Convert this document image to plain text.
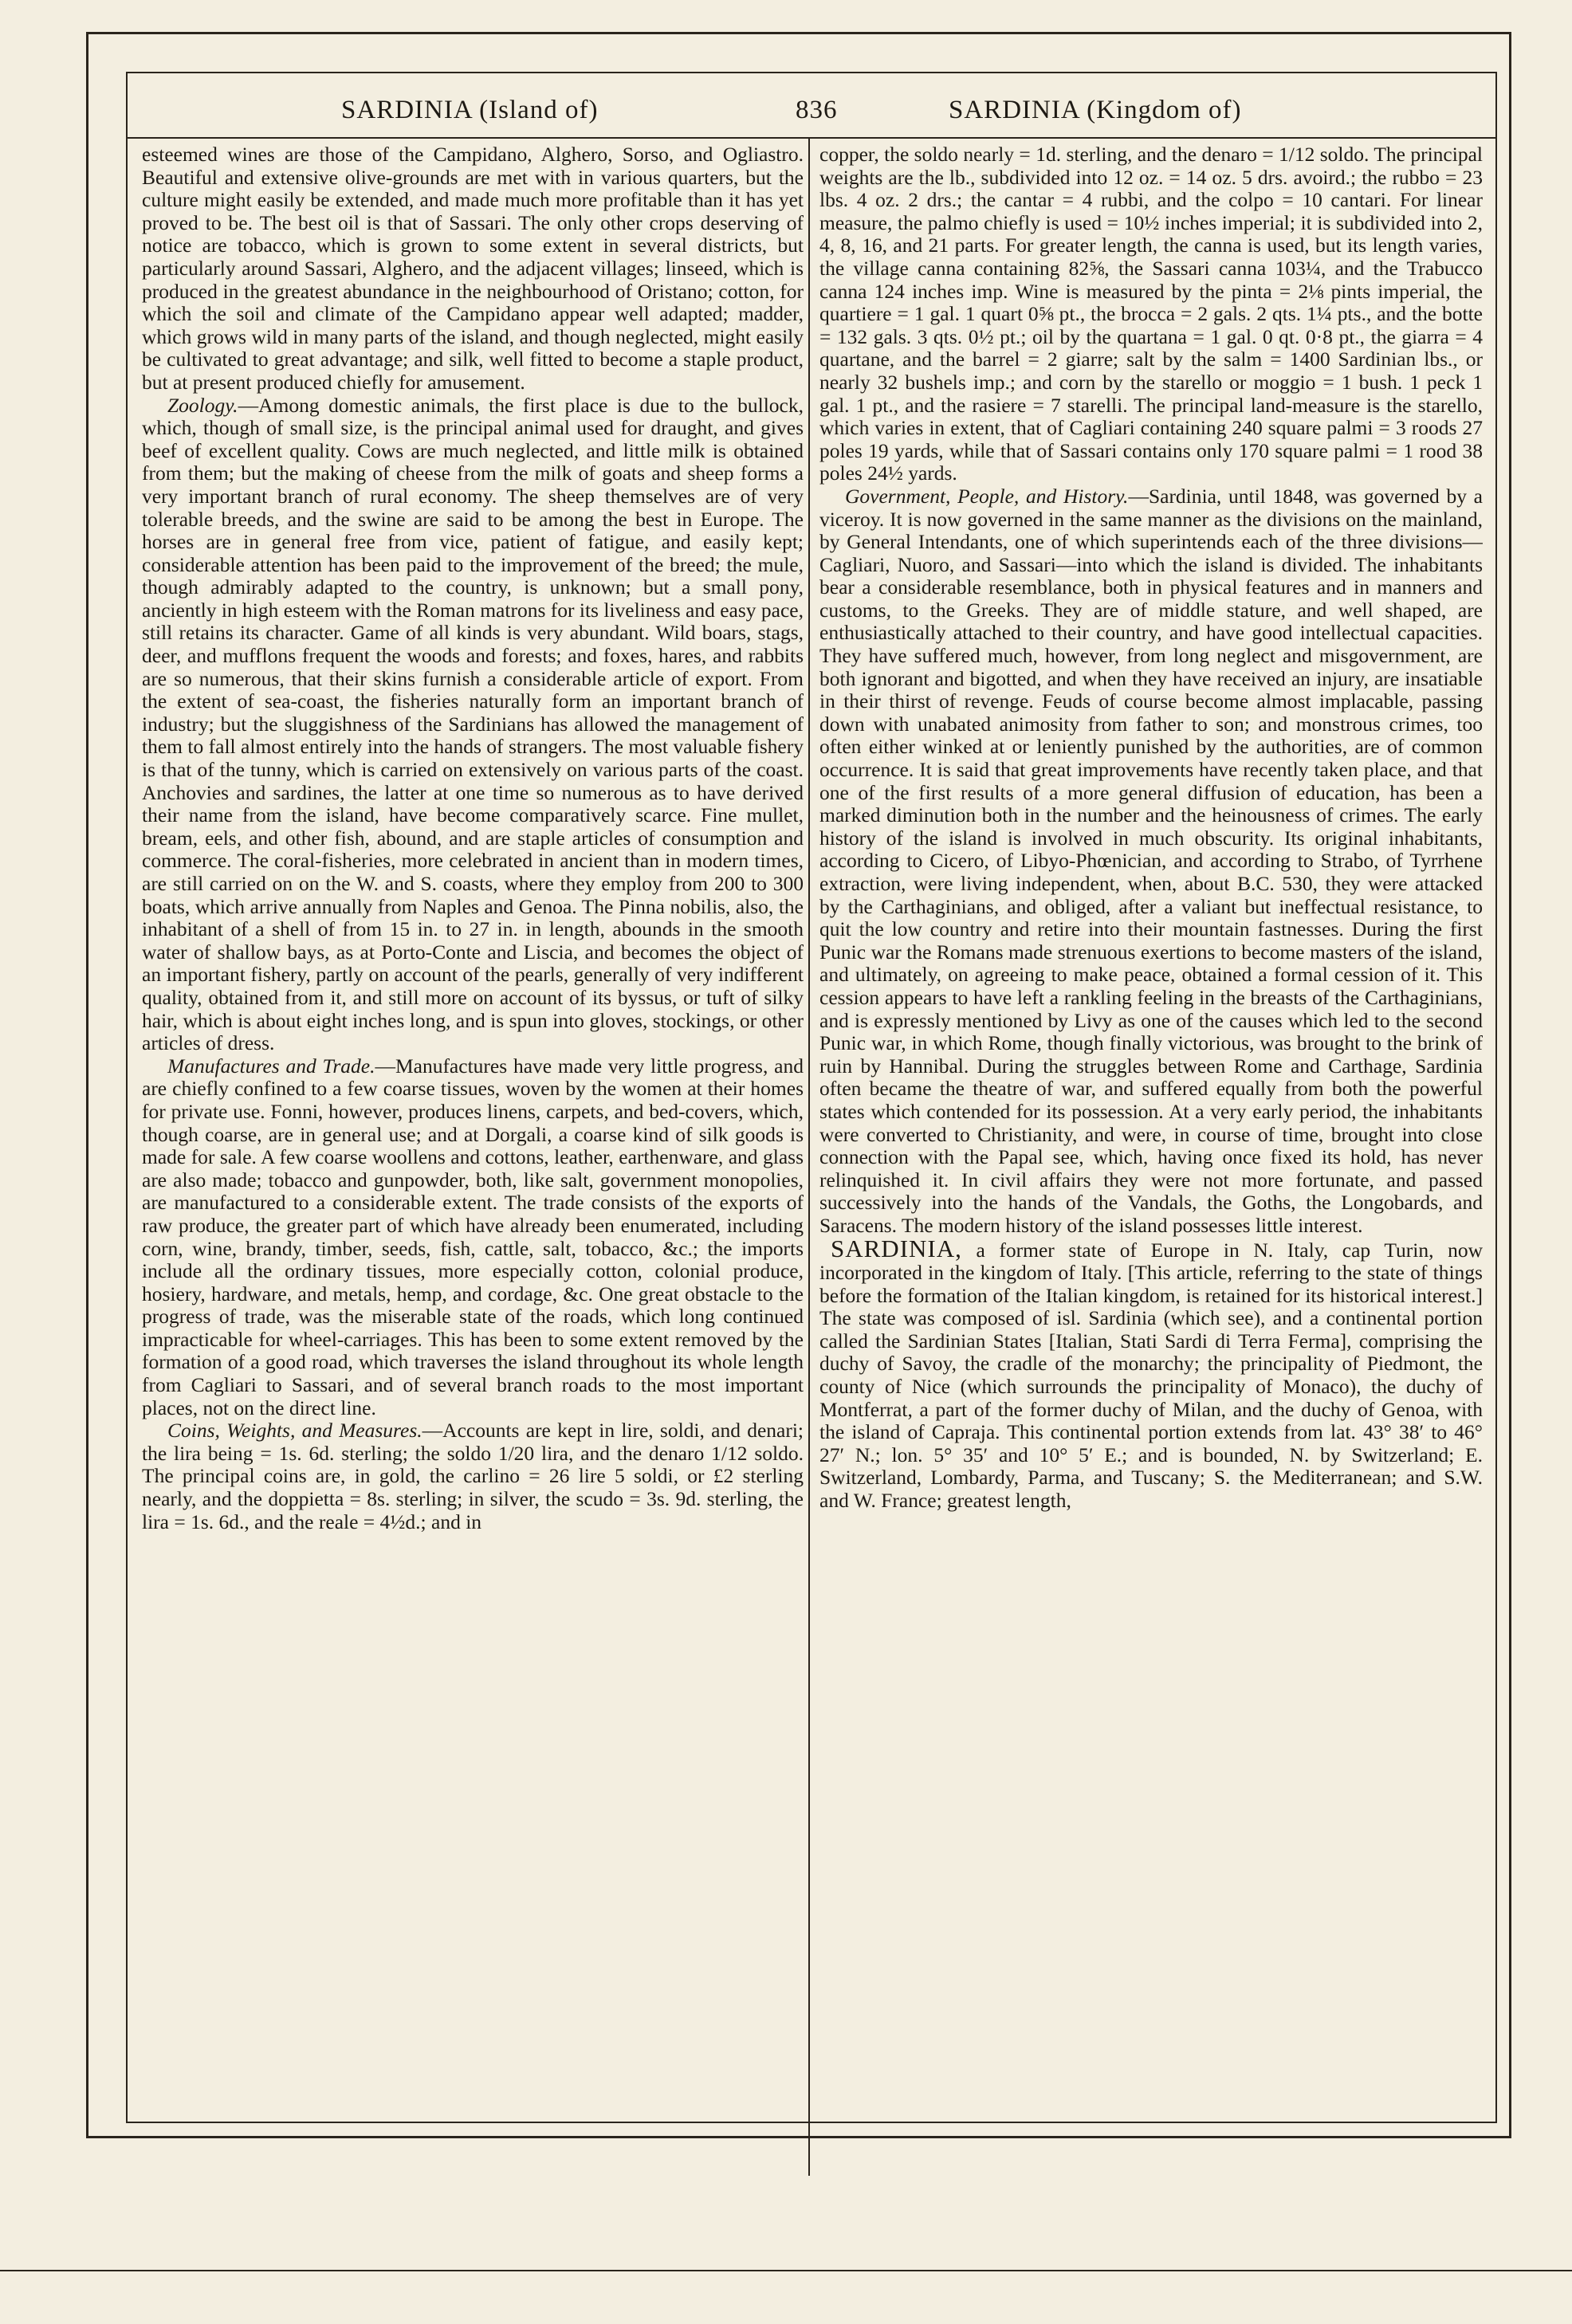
SARDINIA (Island of)	836	SARDINIA (Kingdom of)

esteemed wines are those of the Campidano, Alghero, Sorso, and Ogliastro. Beautiful and extensive olive-grounds are met with in various quarters, but the culture might easily be extended, and made much more profitable than it has yet proved to be. The best oil is that of Sassari. The only other crops deserving of notice are tobacco, which is grown to some extent in several districts, but particularly around Sassari, Alghero, and the adjacent villages; linseed, which is produced in the greatest abundance in the neighbourhood of Oristano; cotton, for which the soil and climate of the Campidano appear well adapted; madder, which grows wild in many parts of the island, and though neglected, might easily be cultivated to great advantage; and silk, well fitted to become a staple product, but at present produced chiefly for amusement.

Zoology.—Among domestic animals, the first place is due to the bullock, which, though of small size, is the principal animal used for draught, and gives beef of excellent quality. Cows are much neglected, and little milk is obtained from them; but the making of cheese from the milk of goats and sheep forms a very important branch of rural economy. The sheep themselves are of very tolerable breeds, and the swine are said to be among the best in Europe. The horses are in general free from vice, patient of fatigue, and easily kept; considerable attention has been paid to the improvement of the breed; the mule, though admirably adapted to the country, is unknown; but a small pony, anciently in high esteem with the Roman matrons for its liveliness and easy pace, still retains its character. Game of all kinds is very abundant. Wild boars, stags, deer, and mufflons frequent the woods and forests; and foxes, hares, and rabbits are so numerous, that their skins furnish a considerable article of export. From the extent of sea-coast, the fisheries naturally form an important branch of industry; but the sluggishness of the Sardinians has allowed the management of them to fall almost entirely into the hands of strangers. The most valuable fishery is that of the tunny, which is carried on extensively on various parts of the coast. Anchovies and sardines, the latter at one time so numerous as to have derived their name from the island, have become comparatively scarce. Fine mullet, bream, eels, and other fish, abound, and are staple articles of consumption and commerce. The coral-fisheries, more celebrated in ancient than in modern times, are still carried on on the W. and S. coasts, where they employ from 200 to 300 boats, which arrive annually from Naples and Genoa. The Pinna nobilis, also, the inhabitant of a shell of from 15 in. to 27 in. in length, abounds in the smooth water of shallow bays, as at Porto-Conte and Liscia, and becomes the object of an important fishery, partly on account of the pearls, generally of very indifferent quality, obtained from it, and still more on account of its byssus, or tuft of silky hair, which is about eight inches long, and is spun into gloves, stockings, or other articles of dress.

Manufactures and Trade.—Manufactures have made very little progress, and are chiefly confined to a few coarse tissues, woven by the women at their homes for private use. Fonni, however, produces linens, carpets, and bed-covers, which, though coarse, are in general use; and at Dorgali, a coarse kind of silk goods is made for sale. A few coarse woollens and cottons, leather, earthenware, and glass are also made; tobacco and gunpowder, both, like salt, government monopolies, are manufactured to a considerable extent. The trade consists of the exports of raw produce, the greater part of which have already been enumerated, including corn, wine, brandy, timber, seeds, fish, cattle, salt, tobacco, &c.; the imports include all the ordinary tissues, more especially cotton, colonial produce, hosiery, hardware, and metals, hemp, and cordage, &c. One great obstacle to the progress of trade, was the miserable state of the roads, which long continued impracticable for wheel-carriages. This has been to some extent removed by the formation of a good road, which traverses the island throughout its whole length from Cagliari to Sassari, and of several branch roads to the most important places, not on the direct line.

Coins, Weights, and Measures.—Accounts are kept in lire, soldi, and denari; the lira being = 1s. 6d. sterling; the soldo 1/20 lira, and the denaro 1/12 soldo. The principal coins are, in gold, the carlino = 26 lire 5 soldi, or £2 sterling nearly, and the doppietta = 8s. sterling; in silver, the scudo = 3s. 9d. sterling, the lira = 1s. 6d., and the reale = 4½d.; and in

copper, the soldo nearly = 1d. sterling, and the denaro = 1/12 soldo. The principal weights are the lb., subdivided into 12 oz. = 14 oz. 5 drs. avoird.; the rubbo = 23 lbs. 4 oz. 2 drs.; the cantar = 4 rubbi, and the colpo = 10 cantari. For linear measure, the palmo chiefly is used = 10½ inches imperial; it is subdivided into 2, 4, 8, 16, and 21 parts. For greater length, the canna is used, but its length varies, the village canna containing 82⅝, the Sassari canna 103¼, and the Trabucco canna 124 inches imp. Wine is measured by the pinta = 2⅛ pints imperial, the quartiere = 1 gal. 1 quart 0⅝ pt., the brocca = 2 gals. 2 qts. 1¼ pts., and the botte = 132 gals. 3 qts. 0½ pt.; oil by the quartana = 1 gal. 0 qt. 0·8 pt., the giarra = 4 quartane, and the barrel = 2 giarre; salt by the salm = 1400 Sardinian lbs., or nearly 32 bushels imp.; and corn by the starello or moggio = 1 bush. 1 peck 1 gal. 1 pt., and the rasiere = 7 starelli. The principal land-measure is the starello, which varies in extent, that of Cagliari containing 240 square palmi = 3 roods 27 poles 19 yards, while that of Sassari contains only 170 square palmi = 1 rood 38 poles 24½ yards.

Government, People, and History.—Sardinia, until 1848, was governed by a viceroy. It is now governed in the same manner as the divisions on the mainland, by General Intendants, one of which superintends each of the three divisions—Cagliari, Nuoro, and Sassari—into which the island is divided. The inhabitants bear a considerable resemblance, both in physical features and in manners and customs, to the Greeks. They are of middle stature, and well shaped, are enthusiastically attached to their country, and have good intellectual capacities. They have suffered much, however, from long neglect and misgovernment, are both ignorant and bigotted, and when they have received an injury, are insatiable in their thirst of revenge. Feuds of course become almost implacable, passing down with unabated animosity from father to son; and monstrous crimes, too often either winked at or leniently punished by the authorities, are of common occurrence. It is said that great improvements have recently taken place, and that one of the first results of a more general diffusion of education, has been a marked diminution both in the number and the heinousness of crimes. The early history of the island is involved in much obscurity. Its original inhabitants, according to Cicero, of Libyo-Phœnician, and according to Strabo, of Tyrrhene extraction, were living independent, when, about B.C. 530, they were attacked by the Carthaginians, and obliged, after a valiant but ineffectual resistance, to quit the low country and retire into their mountain fastnesses. During the first Punic war the Romans made strenuous exertions to become masters of the island, and ultimately, on agreeing to make peace, obtained a formal cession of it. This cession appears to have left a rankling feeling in the breasts of the Carthaginians, and is expressly mentioned by Livy as one of the causes which led to the second Punic war, in which Rome, though finally victorious, was brought to the brink of ruin by Hannibal. During the struggles between Rome and Carthage, Sardinia often became the theatre of war, and suffered equally from both the powerful states which contended for its possession. At a very early period, the inhabitants were converted to Christianity, and were, in course of time, brought into close connection with the Papal see, which, having once fixed its hold, has never relinquished it. In civil affairs they were not more fortunate, and passed successively into the hands of the Vandals, the Goths, the Longobards, and Saracens. The modern history of the island possesses little interest.

SARDINIA, a former state of Europe in N. Italy, cap Turin, now incorporated in the kingdom of Italy. [This article, referring to the state of things before the formation of the Italian kingdom, is retained for its historical interest.] The state was composed of isl. Sardinia (which see), and a continental portion called the Sardinian States [Italian, Stati Sardi di Terra Ferma], comprising the duchy of Savoy, the cradle of the monarchy; the principality of Piedmont, the county of Nice (which surrounds the principality of Monaco), the duchy of Montferrat, a part of the former duchy of Milan, and the duchy of Genoa, with the island of Capraja. This continental portion extends from lat. 43° 38′ to 46° 27′ N.; lon. 5° 35′ and 10° 5′ E.; and is bounded, N. by Switzerland; E. Switzerland, Lombardy, Parma, and Tuscany; S. the Mediterranean; and S.W. and W. France; greatest length,
